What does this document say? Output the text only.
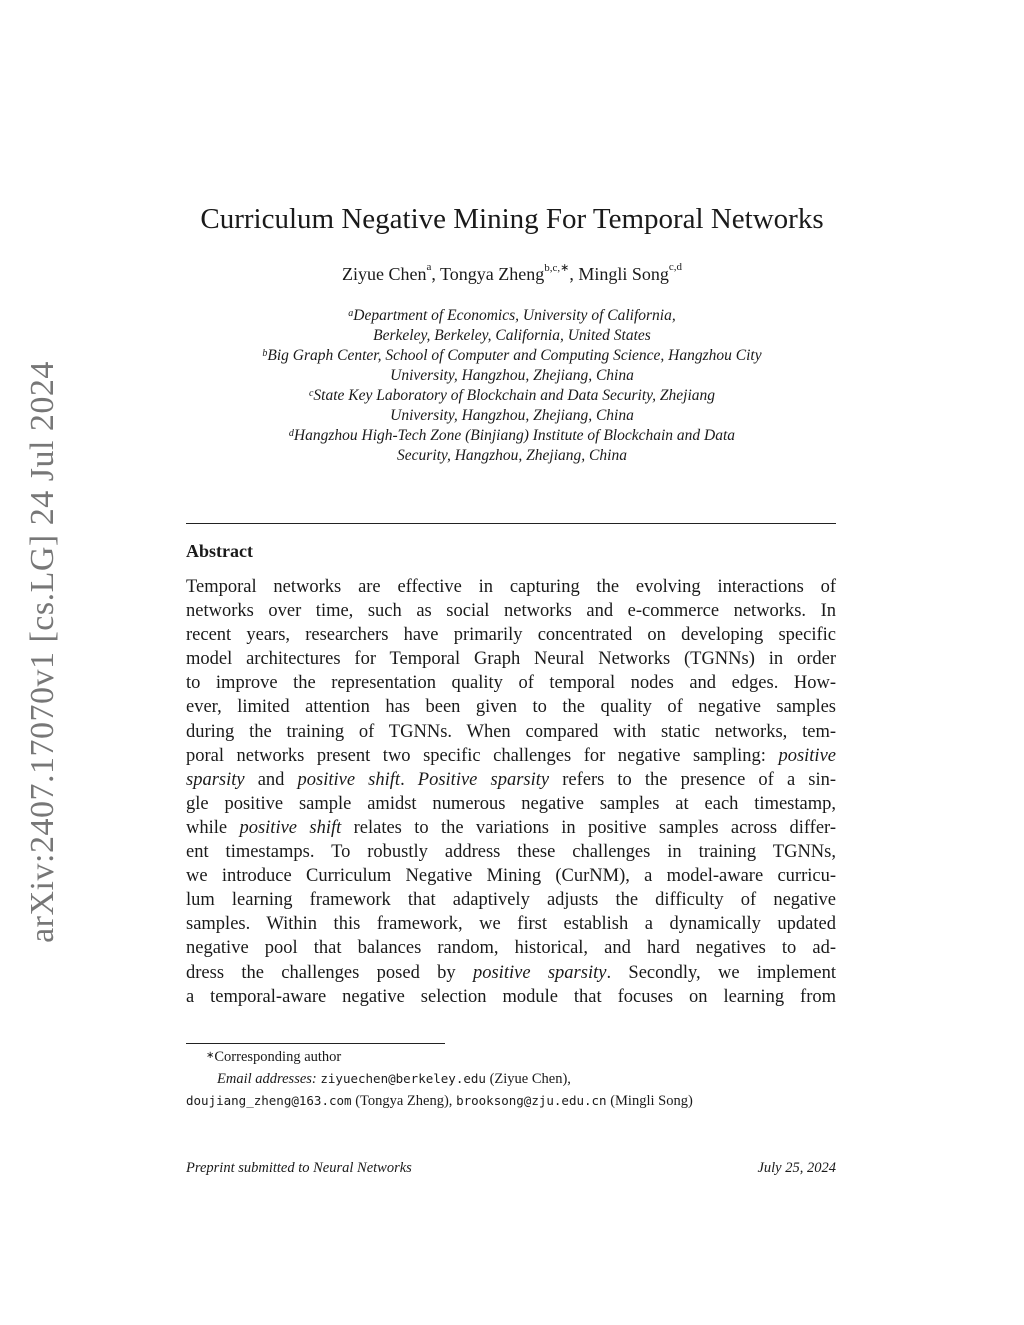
arXiv:2407.17070v1 [cs.LG] 24 Jul 2024
Curriculum Negative Mining For Temporal Networks
Ziyue Chen$^a$, Tongya Zheng$^{b,c,∗}$, Mingli Song$^{c,d}$
$^a$Department of Economics, University of California,
Berkeley, Berkeley, California, United States
$^b$Big Graph Center, School of Computer and Computing Science, Hangzhou City
University, Hangzhou, Zhejiang, China
$^c$State Key Laboratory of Blockchain and Data Security, Zhejiang
University, Hangzhou, Zhejiang, China
$^d$Hangzhou High-Tech Zone (Binjiang) Institute of Blockchain and Data
Security, Hangzhou, Zhejiang, China
Abstract
Temporal networks are effective in capturing the evolving interactions of
networks over time, such as social networks and e-commerce networks. In
recent years, researchers have primarily concentrated on developing specific
model architectures for Temporal Graph Neural Networks (TGNNs) in order
to improve the representation quality of temporal nodes and edges. How-
ever, limited attention has been given to the quality of negative samples
during the training of TGNNs. When compared with static networks, tem-
poral networks present two specific challenges for negative sampling: positive
sparsity and positive shift. Positive sparsity refers to the presence of a sin-
gle positive sample amidst numerous negative samples at each timestamp,
while positive shift relates to the variations in positive samples across differ-
ent timestamps. To robustly address these challenges in training TGNNs,
we introduce Curriculum Negative Mining (CurNM), a model-aware curricu-
lum learning framework that adaptively adjusts the difficulty of negative
samples. Within this framework, we first establish a dynamically updated
negative pool that balances random, historical, and hard negatives to ad-
dress the challenges posed by positive sparsity. Secondly, we implement
a temporal-aware negative selection module that focuses on learning from
∗Corresponding author
Email addresses: ziyuechen@berkeley.edu (Ziyue Chen),
doujiang_zheng@163.com (Tongya Zheng), brooksong@zju.edu.cn (Mingli Song)
Preprint submitted to Neural Networks	July 25, 2024
